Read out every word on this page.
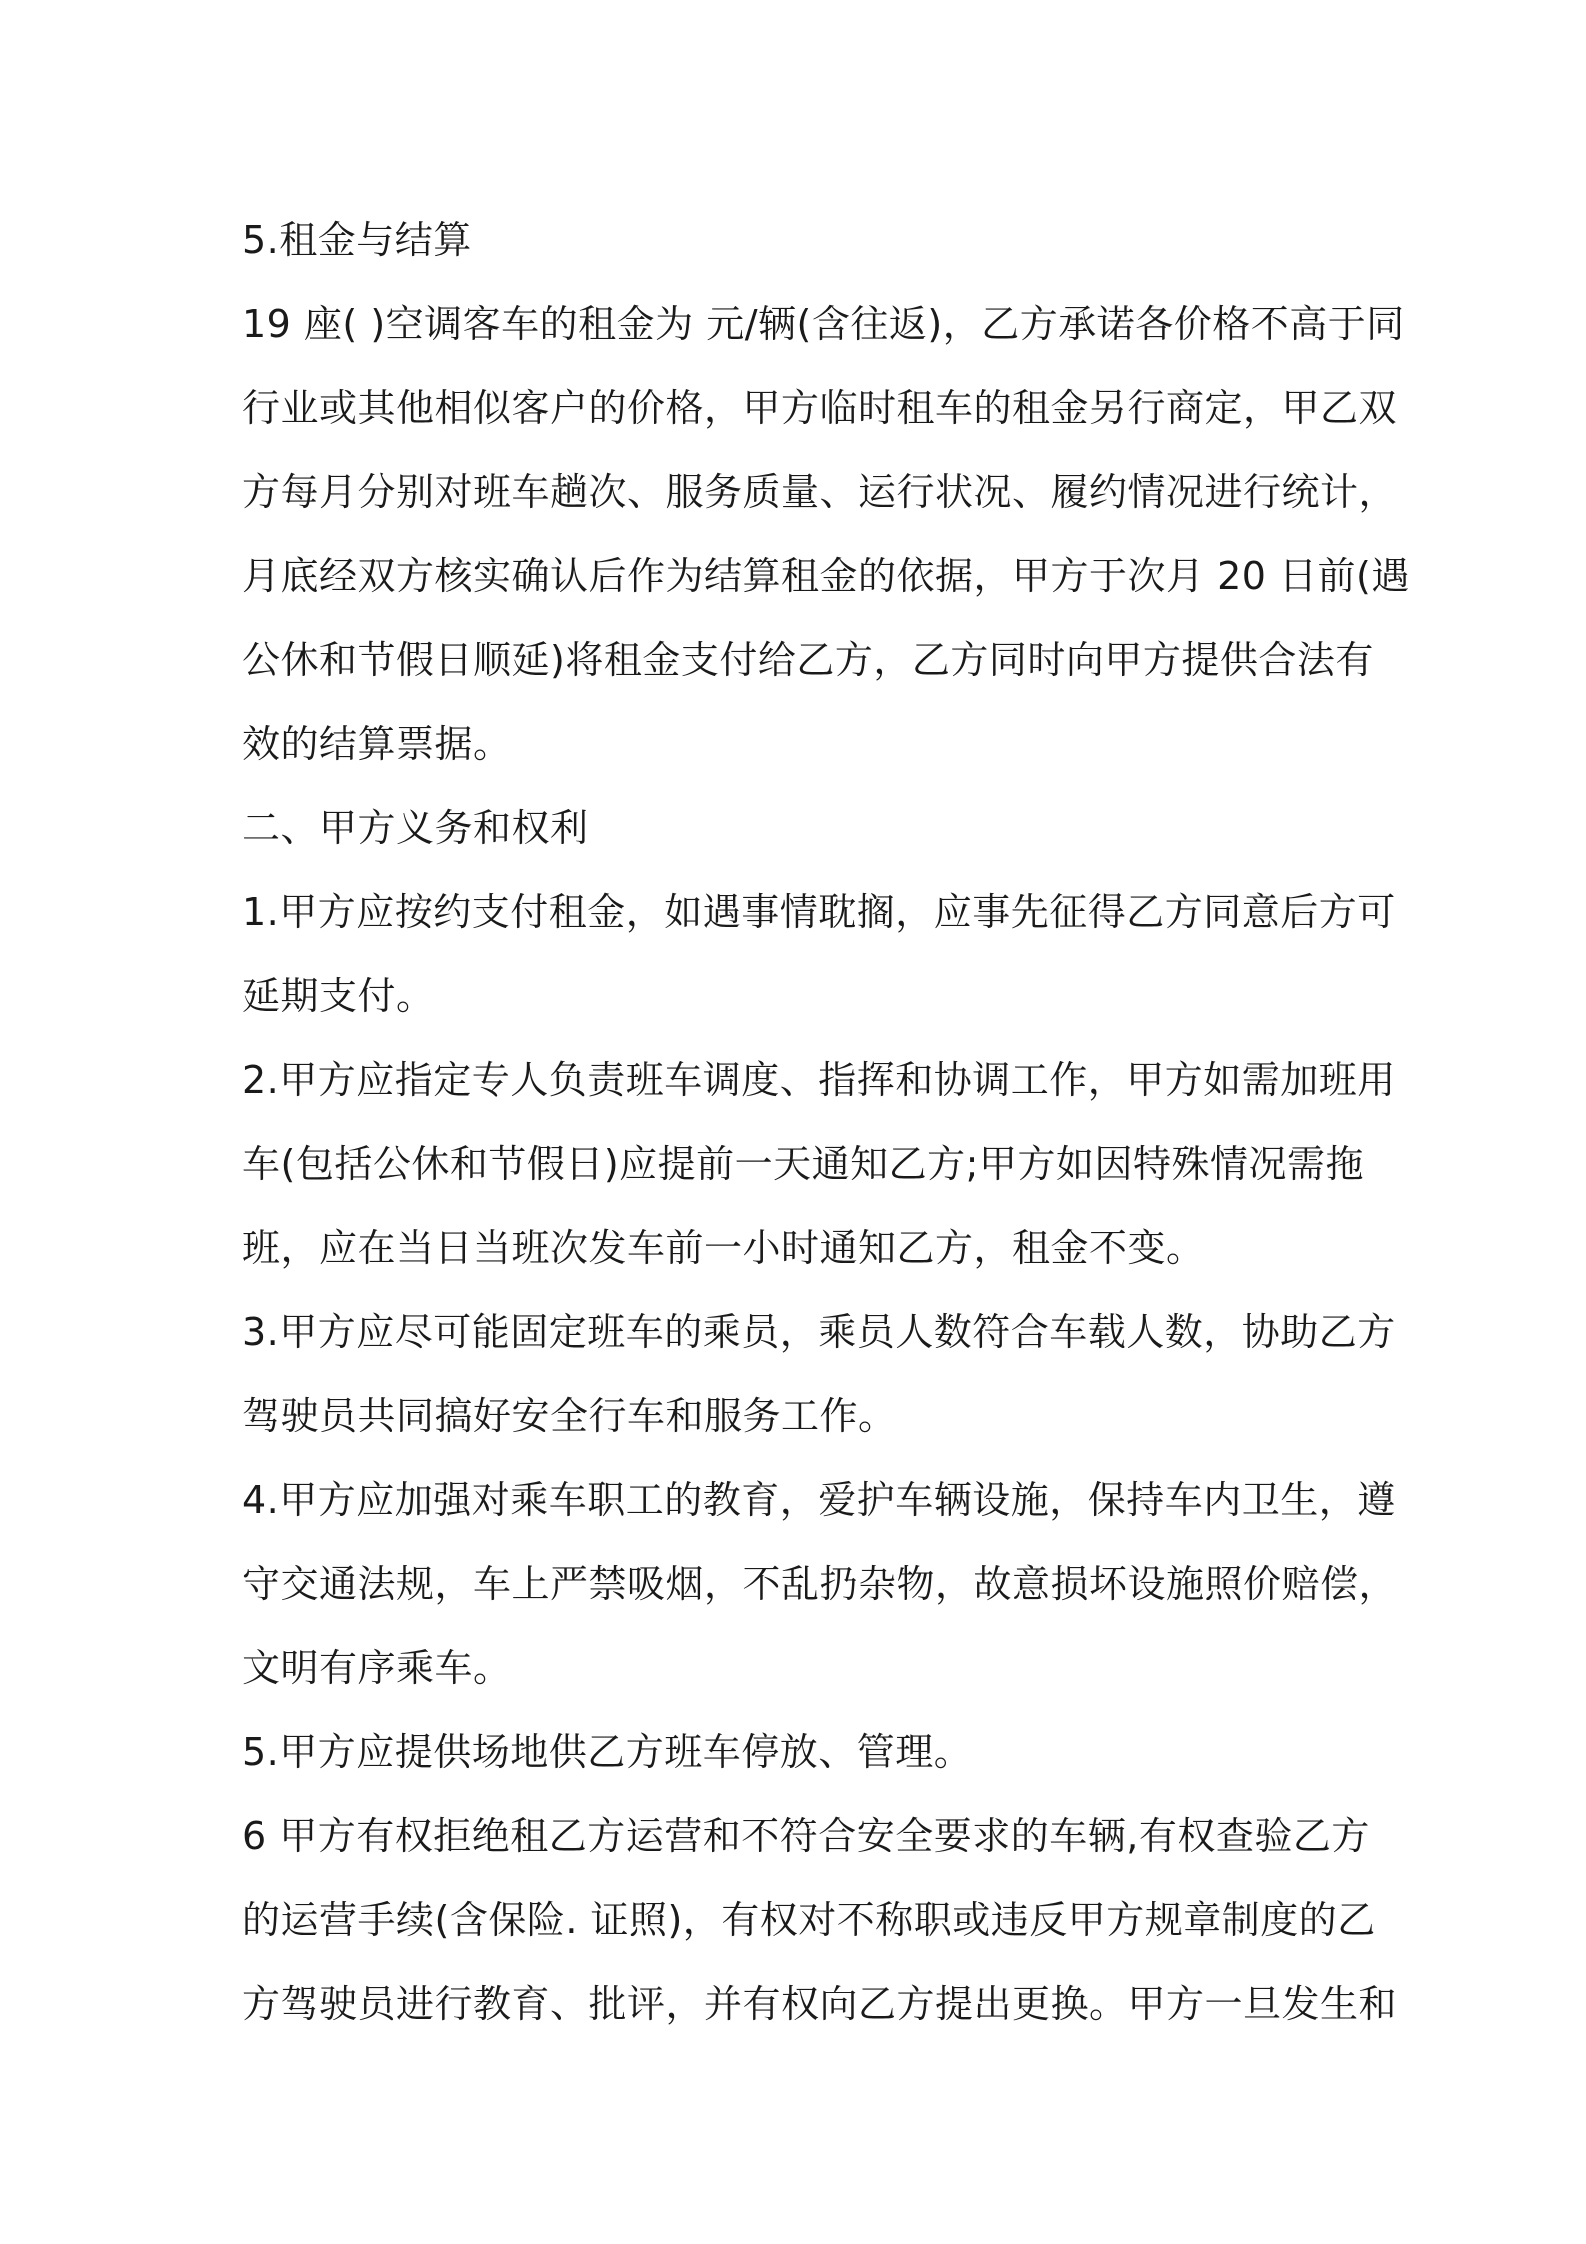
5.租金与结算
19 座( )空调客车的租金为 元/辆(含往返)，乙方承诺各价格不高于同
行业或其他相似客户的价格，甲方临时租车的租金另行商定，甲乙双
方每月分别对班车趟次、服务质量、运行状况、履约情况进行统计，
月底经双方核实确认后作为结算租金的依据，甲方于次月 20 日前(遇
公休和节假日顺延)将租金支付给乙方，乙方同时向甲方提供合法有
效的结算票据。
二、甲方义务和权利
1.甲方应按约支付租金，如遇事情耽搁，应事先征得乙方同意后方可
延期支付。
2.甲方应指定专人负责班车调度、指挥和协调工作，甲方如需加班用
车(包括公休和节假日)应提前一天通知乙方;甲方如因特殊情况需拖
班，应在当日当班次发车前一小时通知乙方，租金不变。
3.甲方应尽可能固定班车的乘员，乘员人数符合车载人数，协助乙方
驾驶员共同搞好安全行车和服务工作。
4.甲方应加强对乘车职工的教育，爱护车辆设施，保持车内卫生，遵
守交通法规，车上严禁吸烟，不乱扔杂物，故意损坏设施照价赔偿，
文明有序乘车。
5.甲方应提供场地供乙方班车停放、管理。
6 甲方有权拒绝租乙方运营和不符合安全要求的车辆,有权查验乙方
的运营手续(含保险. 证照)，有权对不称职或违反甲方规章制度的乙
方驾驶员进行教育、批评，并有权向乙方提出更换。甲方一旦发生和
